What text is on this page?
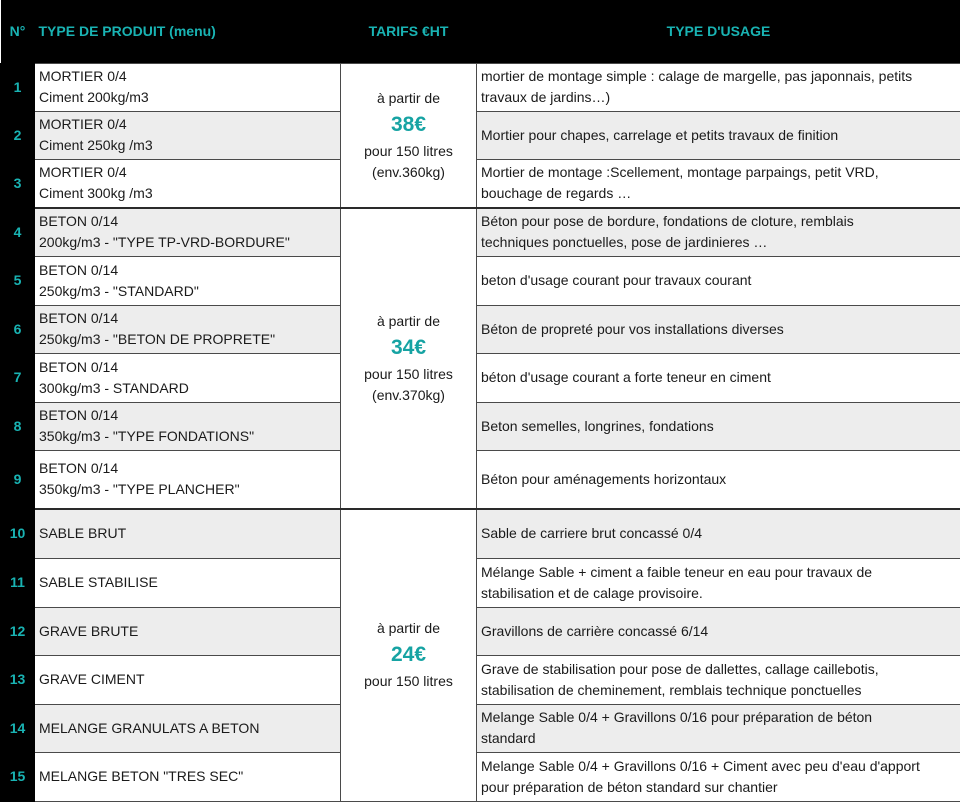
N°	TYPE DE PRODUIT (menu)	TARIFS €HT	TYPE D'USAGE
1	MORTIER 0/4
Ciment 200kg/m3	à partir de
38€
pour 150 litres
(env.360kg)	mortier de montage simple : calage de margelle, pas japonnais, petits
travaux de jardins…)

2	MORTIER 0/4
Ciment 250kg /m3		Mortier pour chapes, carrelage et petits travaux de finition

3	MORTIER 0/4
Ciment 300kg /m3		Mortier de montage :Scellement, montage parpaings, petit VRD,
bouchage de regards …

4	BETON 0/14
200kg/m3 - "TYPE TP-VRD-BORDURE"	à partir de
34€
pour 150 litres
(env.370kg)	Béton pour pose de bordure, fondations de cloture, remblais
techniques ponctuelles, pose de jardinieres …

5	BETON 0/14
250kg/m3 - "STANDARD"		beton d'usage courant pour travaux courant

6	BETON 0/14
250kg/m3 - "BETON DE PROPRETE"		Béton de propreté pour vos installations diverses

7	BETON 0/14
300kg/m3 - STANDARD		béton d'usage courant a forte teneur en ciment

8	BETON 0/14
350kg/m3 - "TYPE FONDATIONS"		Beton semelles, longrines, fondations

9	BETON 0/14
350kg/m3 - "TYPE PLANCHER"		Béton pour aménagements horizontaux

10	SABLE BRUT	à partir de
24€
pour 150 litres	Sable de carriere brut concassé 0/4

11	SABLE STABILISE		Mélange Sable + ciment a faible teneur en eau pour travaux de
stabilisation et de calage provisoire.

12	GRAVE BRUTE		Gravillons de carrière concassé 6/14

13	GRAVE CIMENT		Grave de stabilisation pour pose de dallettes, callage caillebotis,
stabilisation de cheminement, remblais technique ponctuelles

14	MELANGE GRANULATS A BETON		Melange Sable 0/4 + Gravillons 0/16 pour préparation de béton
standard

15	MELANGE BETON "TRES SEC"		Melange Sable 0/4 + Gravillons 0/16 + Ciment avec peu d'eau d'apport
pour préparation de béton standard sur chantier
